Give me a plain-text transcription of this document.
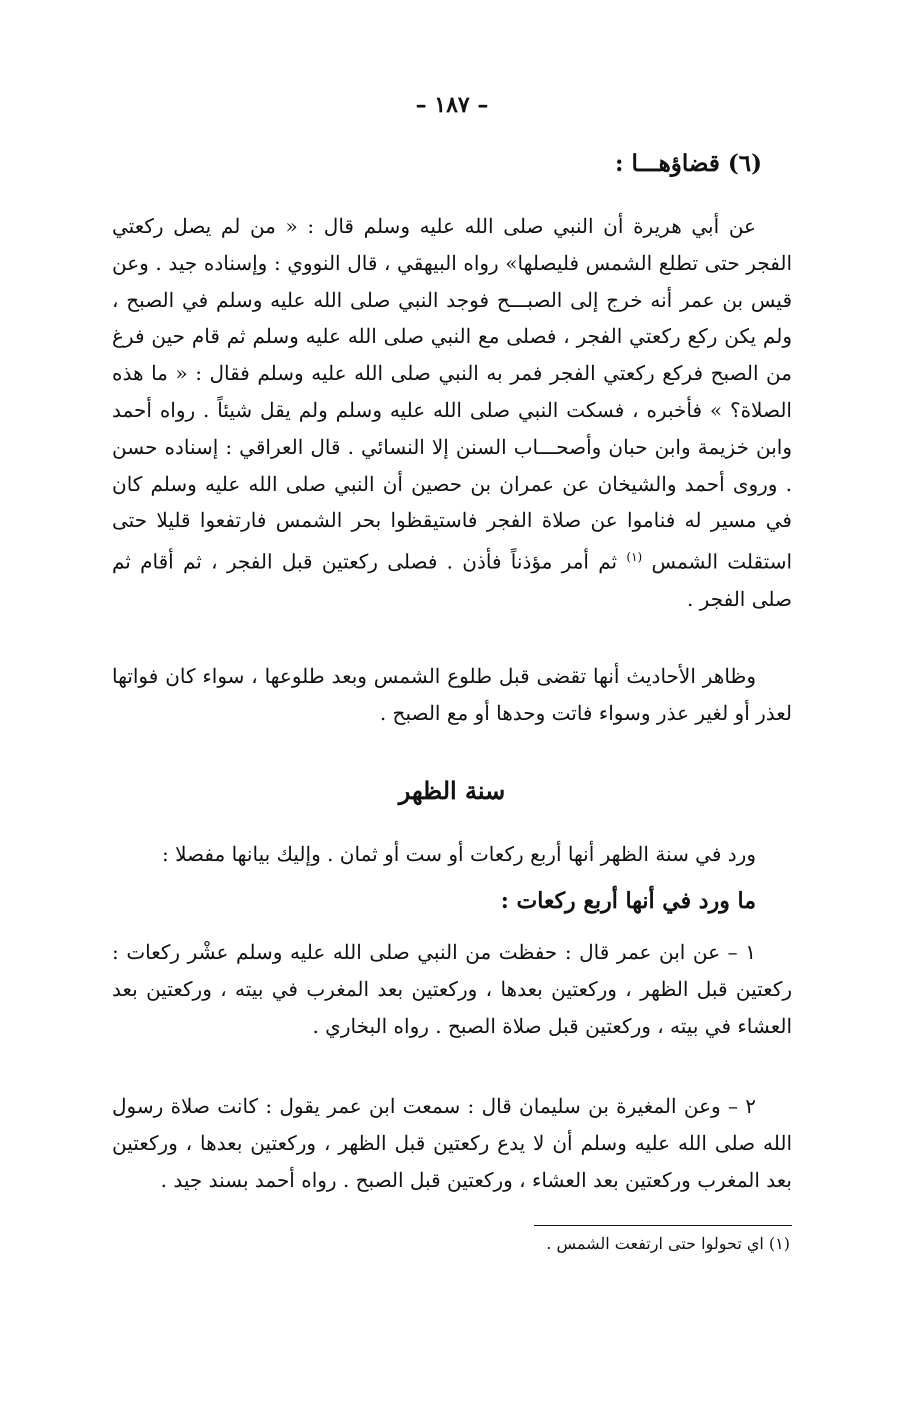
– ١٨٧ –
(٦) قضاؤهـــا :

عن أبي هريرة أن النبي صلى الله عليه وسلم قال : « من لم يصل ركعتي الفجر حتى تطلع الشمس فليصلها» رواه البيهقي ، قال النووي : وإسناده جيد . وعن قيس بن عمر أنه خرج إلى الصبـــح فوجد النبي صلى الله عليه وسلم في الصبح ، ولم يكن ركع ركعتي الفجر ، فصلى مع النبي صلى الله عليه وسلم ثم قام حين فرغ من الصبح فركع ركعتي الفجر فمر به النبي صلى الله عليه وسلم فقال : « ما هذه الصلاة؟ » فأخبره ، فسكت النبي صلى الله عليه وسلم ولم يقل شيئاً . رواه أحمد وابن خزيمة وابن حبان وأصحـــاب السنن إلا النسائي . قال العراقي : إسناده حسن . وروى أحمد والشيخان عن عمران بن حصين أن النبي صلى الله عليه وسلم كان في مسير له فناموا عن صلاة الفجر فاستيقظوا بحر الشمس فارتفعوا قليلا حتى استقلت الشمس $^{(١)}$ ثم أمر مؤذناً فأذن . فصلى ركعتين قبل الفجر ، ثم أقام ثم صلى الفجر .

وظاهر الأحاديث أنها تقضى قبل طلوع الشمس وبعد طلوعها ، سواء كان فواتها لعذر أو لغير عذر وسواء فاتت وحدها أو مع الصبح .

سنة الظهر

ورد في سنة الظهر أنها أربع ركعات أو ست أو ثمان . وإليك بيانها مفصلا :

ما ورد في أنها أربع ركعات :

١ – عن ابن عمر قال : حفظت من النبي صلى الله عليه وسلم عشْر ركعات : ركعتين قبل الظهر ، وركعتين بعدها ، وركعتين بعد المغرب في بيته ، وركعتين بعد العشاء في بيته ، وركعتين قبل صلاة الصبح . رواه البخاري .

٢ – وعن المغيرة بن سليمان قال : سمعت ابن عمر يقول : كانت صلاة رسول الله صلى الله عليه وسلم أن لا يدع ركعتين قبل الظهر ، وركعتين بعدها ، وركعتين بعد المغرب وركعتين بعد العشاء ، وركعتين قبل الصبح . رواه أحمد بسند جيد .

(١) اي تحولوا حتى ارتفعت الشمس .
